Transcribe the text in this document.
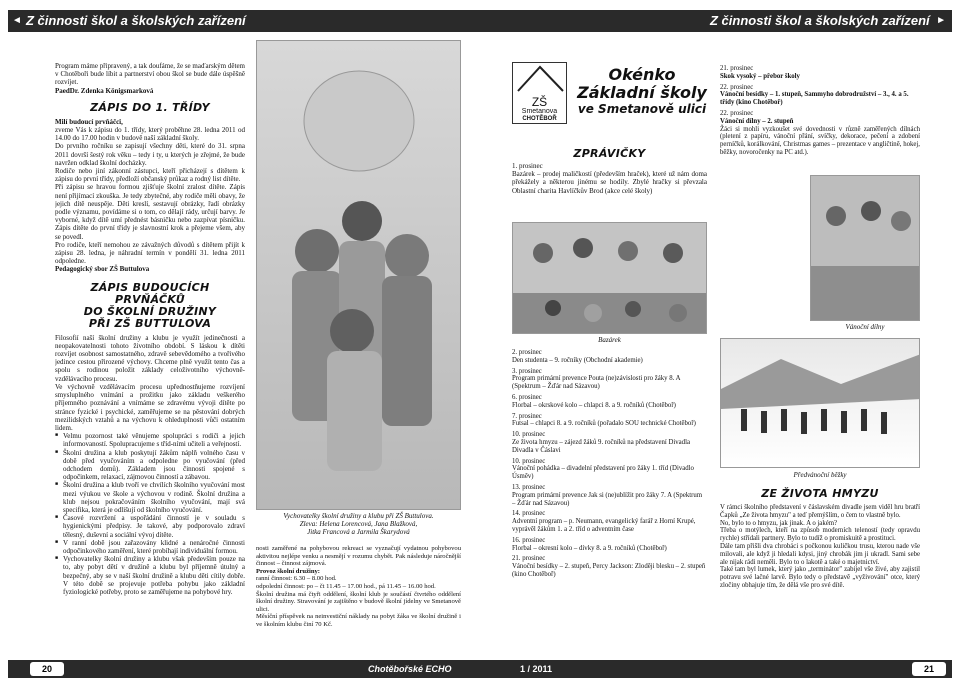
◄ Z činnosti škol a školských zařízení

Program máme připravený, a tak doufáme, že se maďarským dětem v Chotěboři bude líbit a partnerství obou škol se bude dále úspěšně rozvíjet.

PaedDr. Zdenka Königsmarková

ZÁPIS DO 1. TŘÍDY

Milí budoucí prvňáčci,

zveme Vás k zápisu do 1. třídy, který proběhne 28. ledna 2011 od 14.00 do 17.00 hodin v budově naší základní školy.

Do prvního ročníku se zapisují všechny děti, které do 31. srpna 2011 dovrší šestý rok věku – tedy i ty, u kterých je zřejmé, že bude navržen odklad školní docházky.

Rodiče nebo jiní zákonní zástupci, kteří přicházejí s dítětem k zápisu do první třídy, předloží občanský průkaz a rodný list dítěte.

Při zápisu se hravou formou zjišťuje školní zralost dítěte. Zápis není přijímací zkouška. Je tedy zbytečné, aby rodiče měli obavy, že jejich dítě neuspěje. Děti kreslí, sestavují obrázky, řadí obrázky podle významu, povídáme si o tom, co dělají rády, určují barvy. Je vyborné, když dítě umí přednést básničku nebo zazpívat písničku. Zápis dítěte do první třídy je slavnostní krok a přejeme všem, aby se povedl.

Pro rodiče, kteří nemohou ze závažných důvodů s dítětem přijít k zápisu 28. ledna, je náhradní termín v pondělí 31. ledna 2011 odpoledne.

Pedagogický sbor ZŠ Buttulova

ZÁPIS BUDOUCÍCH PRVŇÁČKŮ
DO ŠKOLNÍ DRUŽINY
PŘI ZŠ BUTTULOVA

Filosofií naší školní družiny a klubu je využít jedinečnosti a neopakovatelnosti tohoto životního období. S láskou k dítěti rozvíjet osobnost samostatného, zdravě sebevědomého a tvořivého jedince cestou přirozené výchovy. Chceme plně využít tento čas a spolu s rodinou položit základy celoživotního výchovně-vzdělávacího procesu.

Ve výchovně vzdělávacím procesu upřednostňujeme rozvíjení smysluplného vnímání a prožitku jako základu veškerého příjemného poznávání a vnímáme se zdravému vývoji dítěte po stránce fyzické i psychické, zaměřujeme se na pěstování dobrých mezilidských vztahů a na výchovu k ohleduplnosti vůči ostatním lidem.

■ Velmu pozornost také věnujeme spolupráci s rodiči a jejich informovaností. Spolupracujeme s tříd-ními učiteli a veřejností.
■ Školní družina a klub poskytují žákům náplň volného času v době před vyučováním a odpoledne po vyučování (před odchodem domů). Základem jsou činnosti spojené s odpočinkem, relaxací, zájmovou činností a zábavou.
■ Školní družina a klub tvoří ve chvílích školního vyučování most mezi výukou ve škole a výchovou v rodině. Školní družina a klub nejsou pokračováním školního vyučování, mají svá specifika, která je odlišují od školního vyučování.
■ Časové rozvržení a uspořádání činností je v souladu s hygienickými předpisy. Je takové, aby podporovalo zdraví tělesný, duševní a sociální vývoj dítěte.
■ V ranní době jsou zařazovány klidné a nenáročné činnosti odpočinkového zaměření, které probíhají individuální formou.
■ Vychovatelky školní družiny a klubu však především pouze na to, aby pobyt dětí v družině a klubu byl příjemně útulný a bezpečný, aby se v naší školní družině a klubu děti cítily dobře. V této době se projevuje potřeba pohybu jako základní fyziologické potřeby, proto se zaměřujeme na pohybové hry.
Vychovatelky školní družiny a klubu při ZŠ Buttulova.
Zleva: Helena Lorencová, Jana Blažková,
Jitka Francová a Jarmila Škarydová

nosti zaměřené na pohybovou rekreaci se vyznačují vydatnou pohybovou aktivitou nejlépe venku a nesmějí v rozumu chybět. Pak následuje náročnější činnost – činnost zájmová.

Provoz školní družiny:

ranní činnost: 6.30 – 8.00 hod.

odpolední činnost: po – čt 11.45 – 17.00 hod., pá 11.45 – 16.00 hod.

Školní družina má čtyři oddělení, školní klub je součástí čtvrtého oddělení školní družiny. Stravování je zajištěno v budově školní jídelny ve Smetanově ulici.

Měsíční příspěvek na neinvestiční náklady na pobyt žáka ve školní družině i ve školním klubu činí 70 Kč.

20	Chotěbořské ECHO
Z činnosti škol a školských zařízení ►
ZŠ
Smetanova
CHOTĚBOŘ
Okénko
Základní školy
ve Smetanově ulici
ZPRÁVIČKY
1. prosinec

Bazárek – prodej maličkostí (především hraček), které už nám doma překážely a některou jinému se hodily. Zbylé hračky si převzala Oblastní charita Havlíčkův Brod (akce celé školy)

Bazárek
2. prosinec
Den studenta – 9. ročníky (Obchodní akademie)
3. prosinec
Program primární prevence Pouta (ne)závislosti pro žáky 8. A (Spektrum – Žďár nad Sázavou)
6. prosinec
Florbal – okrskové kolo – chlapci 8. a 9. ročníků (Chotěboř)
7. prosinec
Futsal – chlapci 8. a 9. ročníků (pořadalo SOU technické Chotěboř)
10. prosinec
Ze života hmyzu – zájezd žáků 9. ročníků na představení Divadla Divadla v Čáslavi
10. prosinec
Vánoční pohádka – divadelní představení pro žáky 1. tříd (Divadlo Úsměv)
13. prosinec
Program primární prevence Jak si (ne)ublížit pro žáky 7. A (Spektrum – Žďár nad Sázavou)
14. prosinec
Adventní program – p. Neumann, evangelický farář z Horní Krupé, vyprávěl žákům 1. a 2. tříd o adventním čase
16. prosinec
Florbal – okresní kolo – dívky 8. a 9. ročníků (Chotěboř)
21. prosinec
Vánoční besídky – 2. stupeň, Percy Jackson: Zloději blesku – 2. stupeň (kino Chotěboř)
21. prosinec
Skok vysoký – přebor školy
22. prosinec
Vánoční besídky – 1. stupeň, Sammyho dobrodružství – 3., 4. a 5. třídy (kino Chotěboř)
22. prosinec
Vánoční dílny – 2. stupeň

Žáci si mohli vyzkoušet své dovednosti v různě zaměřených dílnách (pletení z papíru, vánoční přání, svíčky, dekorace, pečení a zdobení perníčků, korálkování, Christmas games – prezentace v angličtině, hokej, běžky, novoročenky na PC atd.).

Vánoční dílny
Předvánoční běžky
ZE ŽIVOTA HMYZU

V rámci školního představení v čáslavském divadle jsem viděl hru bratří Čapků „Ze života hmyzu" a teď přemýšlím, o čem to vlastně bylo.

No, bylo to o hmyzu, jak jinak. A o jakém?

Třeba o motýlech, kteří na způsob moderních teleností (tedy opravdu rychle) střídali partnery. Bylo to tudíž o promiskuitě a prostituci.

Dále tam přišli dva chrobáci s počkonou kuličkou trusu, kterou nade vše milovali, ale když ji hledali kdysi, jiný chrobák jim ji ukradl. Sami sebe ale nijak rádi neměli. Bylo to o lakotě a také o majetnictví.

Také tam byl lumek, který jako „terminátor" zabijel vše živé, aby zajistil potravu své lačné larvě. Bylo tedy o představě „vyživování" otce, který zločiny obhajuje tím, že dělá vše pro své dítě.

1 / 2011	21
